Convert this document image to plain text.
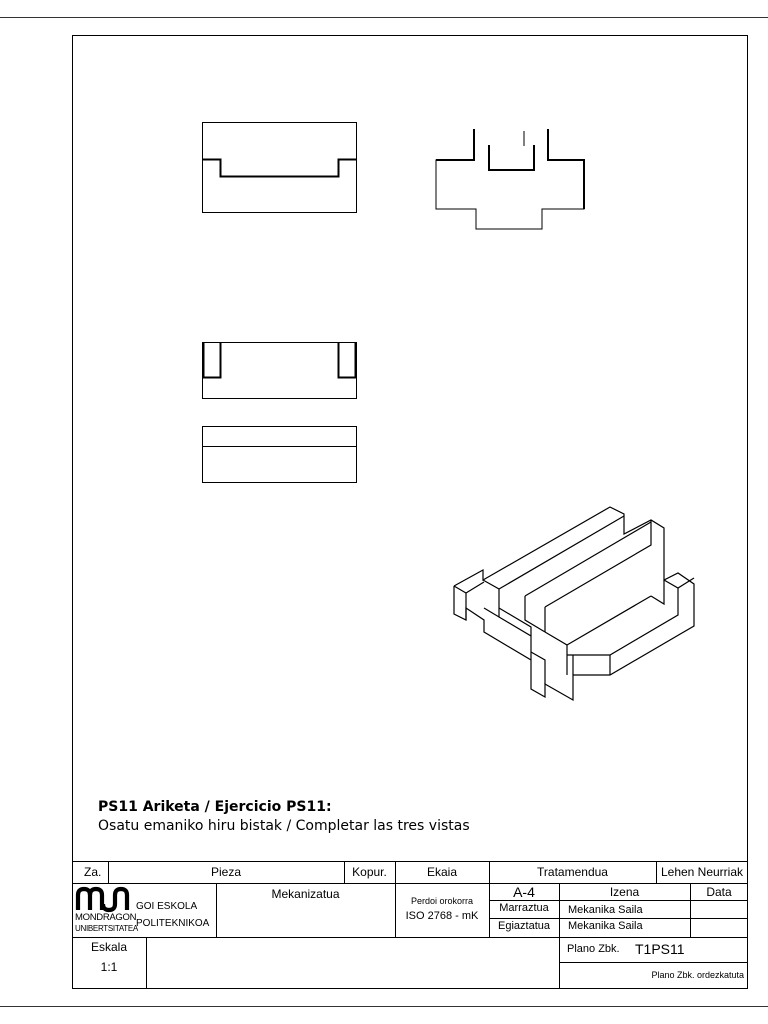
PS11 Ariketa / Ejercicio PS11:
Osatu emaniko hiru bistak / Completar las tres vistas
Za.	Pieza	Kopur.	Ekaia	Tratamendua	Lehen Neurriak
MONDRAGON
UNIBERTSITATEA
GOI ESKOLA
POLITEKNIKOA
Mekanizatua	Perdoi orokorra
ISO 2768 - mK
A-4	Izena	Data
Marraztua	Mekanika Saila
Egiaztatua	Mekanika Saila
Eskala
1:1
Plano Zbk. T1PS11
Plano Zbk. ordezkatuta
